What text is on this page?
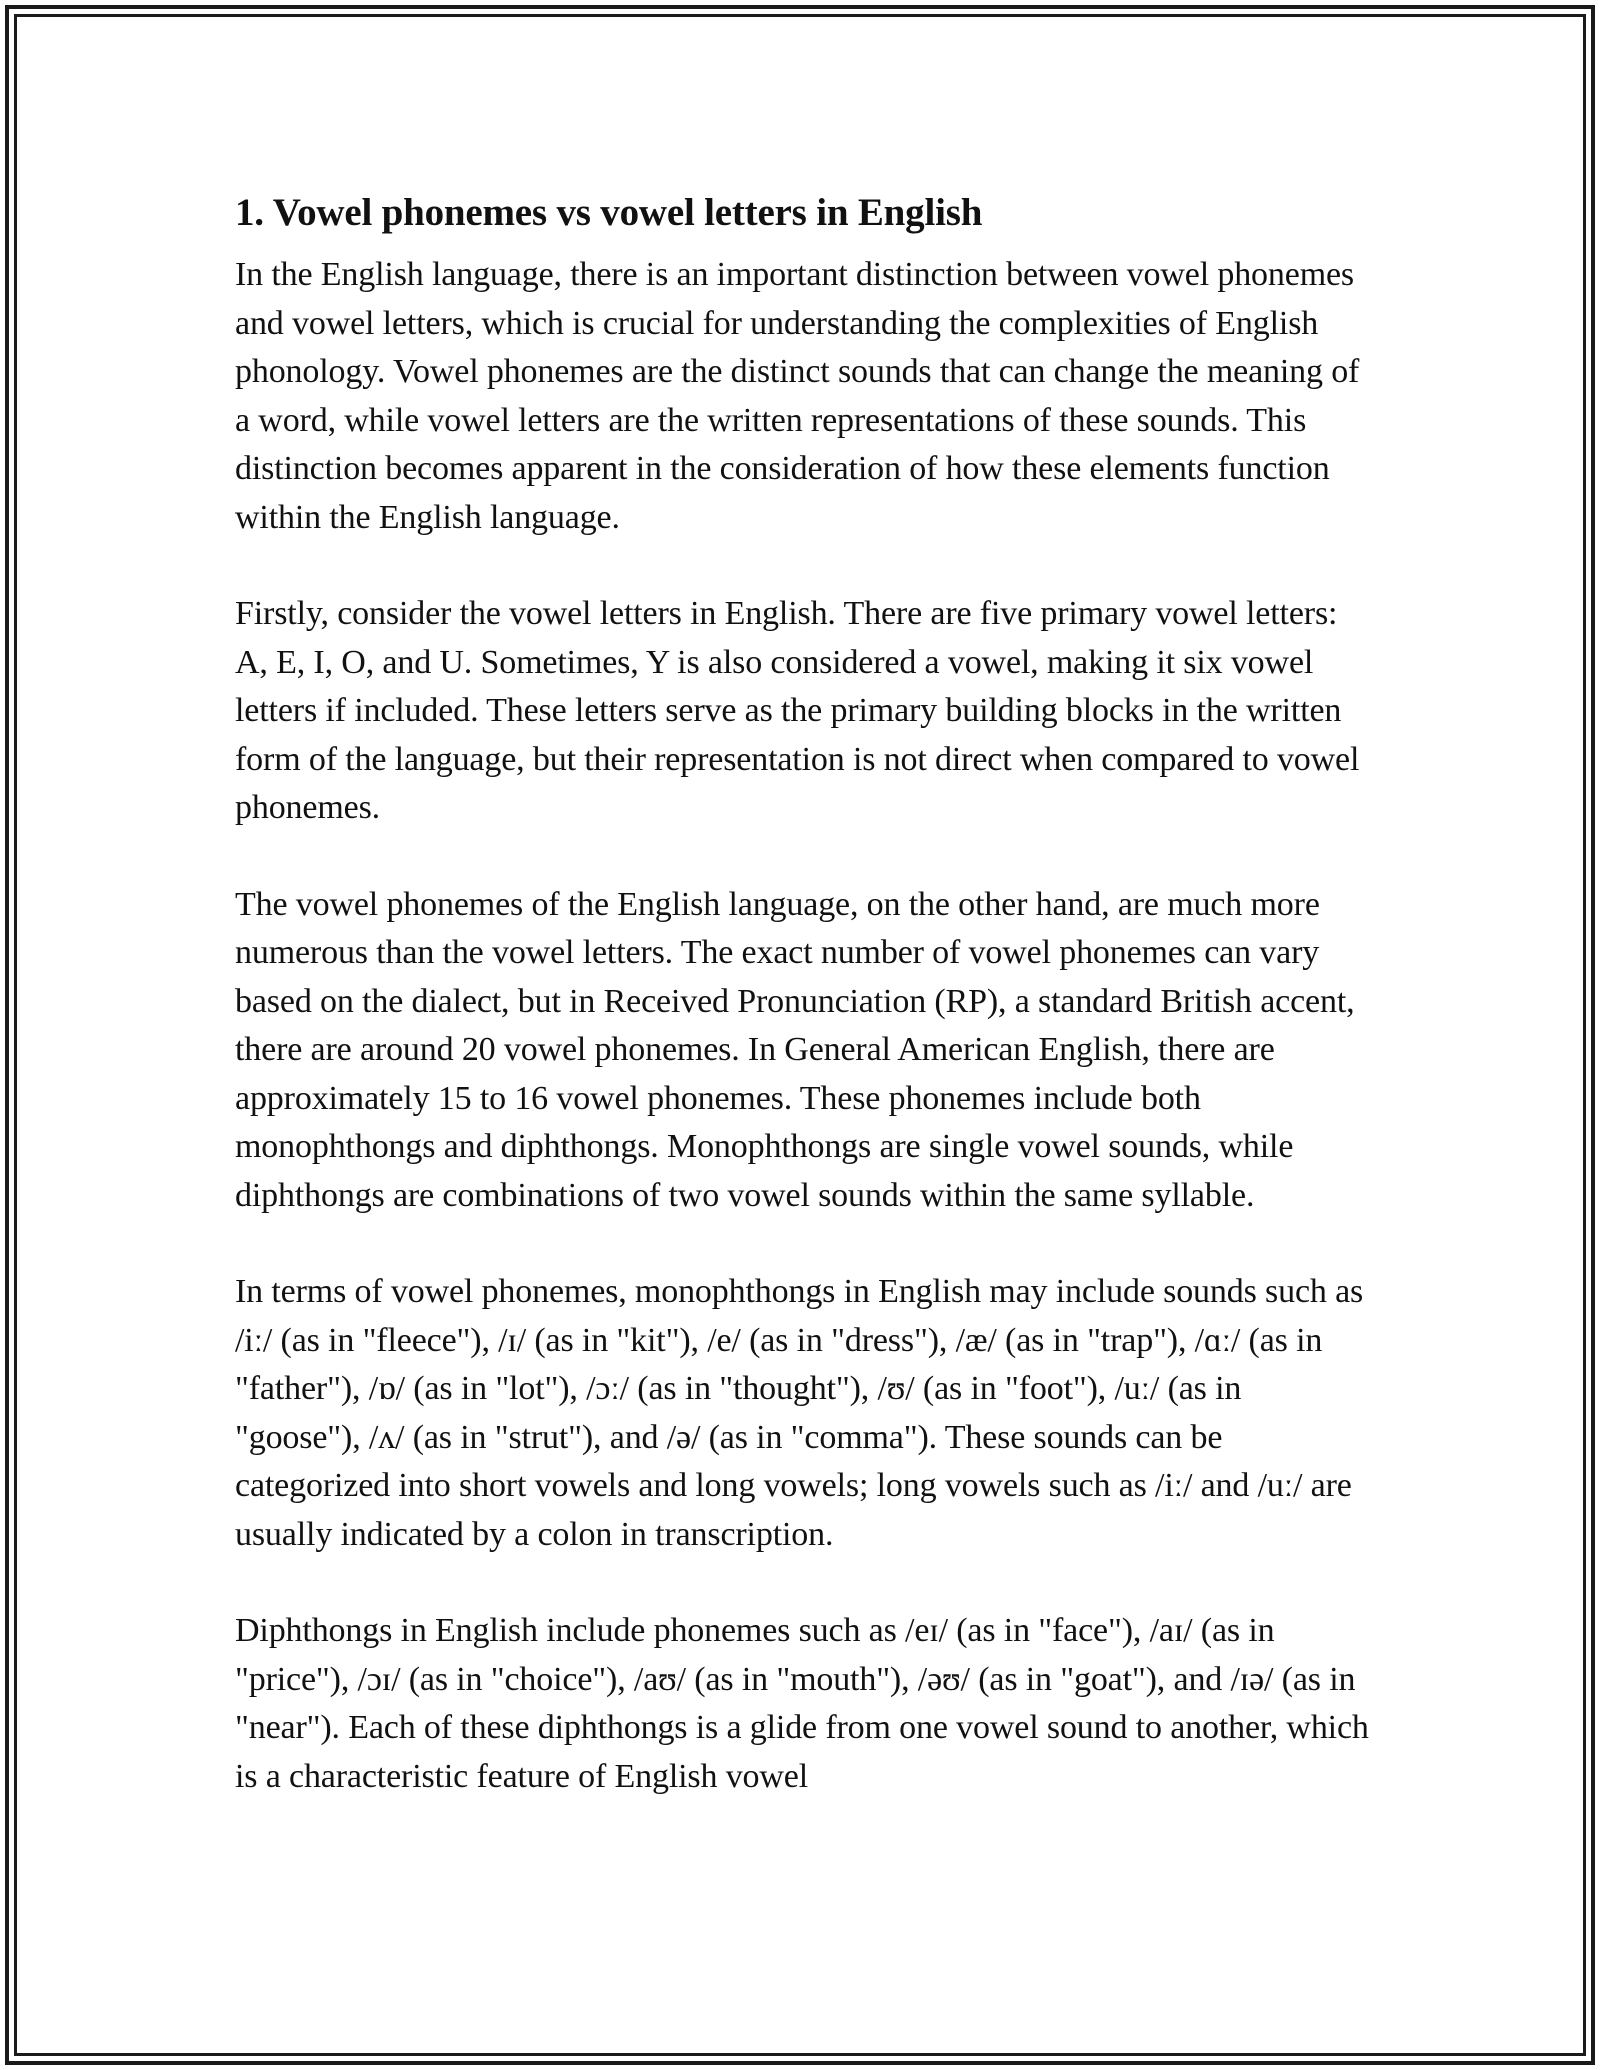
1. Vowel phonemes vs vowel letters in English

In the English language, there is an important distinction between vowel phonemes and vowel letters, which is crucial for understanding the complexities of English phonology. Vowel phonemes are the distinct sounds that can change the meaning of a word, while vowel letters are the written representations of these sounds. This distinction becomes apparent in the consideration of how these elements function within the English language.

Firstly, consider the vowel letters in English. There are five primary vowel letters: A, E, I, O, and U. Sometimes, Y is also considered a vowel, making it six vowel letters if included. These letters serve as the primary building blocks in the written form of the language, but their representation is not direct when compared to vowel phonemes.

The vowel phonemes of the English language, on the other hand, are much more numerous than the vowel letters. The exact number of vowel phonemes can vary based on the dialect, but in Received Pronunciation (RP), a standard British accent, there are around 20 vowel phonemes. In General American English, there are approximately 15 to 16 vowel phonemes. These phonemes include both monophthongs and diphthongs. Monophthongs are single vowel sounds, while diphthongs are combinations of two vowel sounds within the same syllable.

In terms of vowel phonemes, monophthongs in English may include sounds such as /iː/ (as in "fleece"), /ɪ/ (as in "kit"), /e/ (as in "dress"), /æ/ (as in "trap"), /ɑː/ (as in "father"), /ɒ/ (as in "lot"), /ɔː/ (as in "thought"), /ʊ/ (as in "foot"), /uː/ (as in "goose"), /ʌ/ (as in "strut"), and /ə/ (as in "comma"). These sounds can be categorized into short vowels and long vowels; long vowels such as /iː/ and /uː/ are usually indicated by a colon in transcription.

Diphthongs in English include phonemes such as /eɪ/ (as in "face"), /aɪ/ (as in "price"), /ɔɪ/ (as in "choice"), /aʊ/ (as in "mouth"), /əʊ/ (as in "goat"), and /ɪə/ (as in "near"). Each of these diphthongs is a glide from one vowel sound to another, which is a characteristic feature of English vowel
